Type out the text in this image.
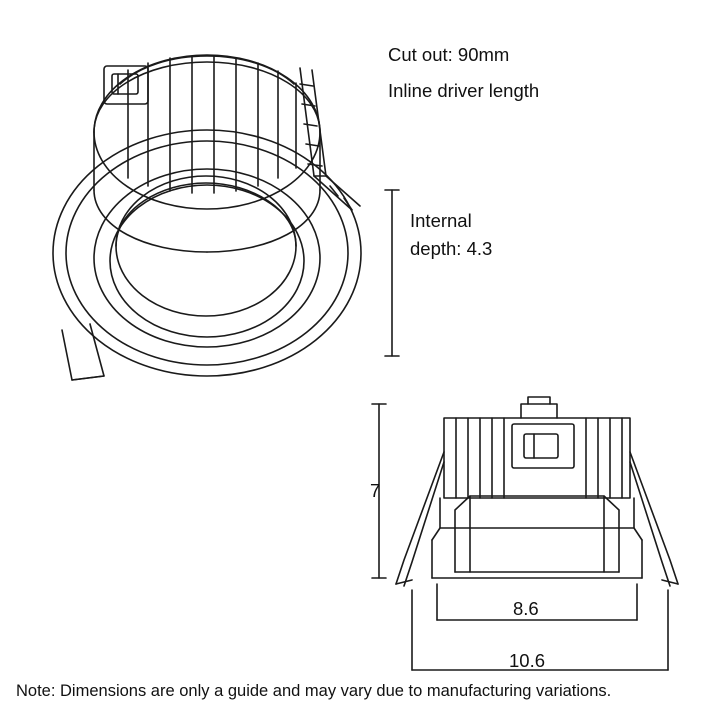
Cut out: 90mm
Inline driver length
Internal
depth: 4.3
7
8.6
10.6
Note: Dimensions are only a guide and may vary due to manufacturing variations.
